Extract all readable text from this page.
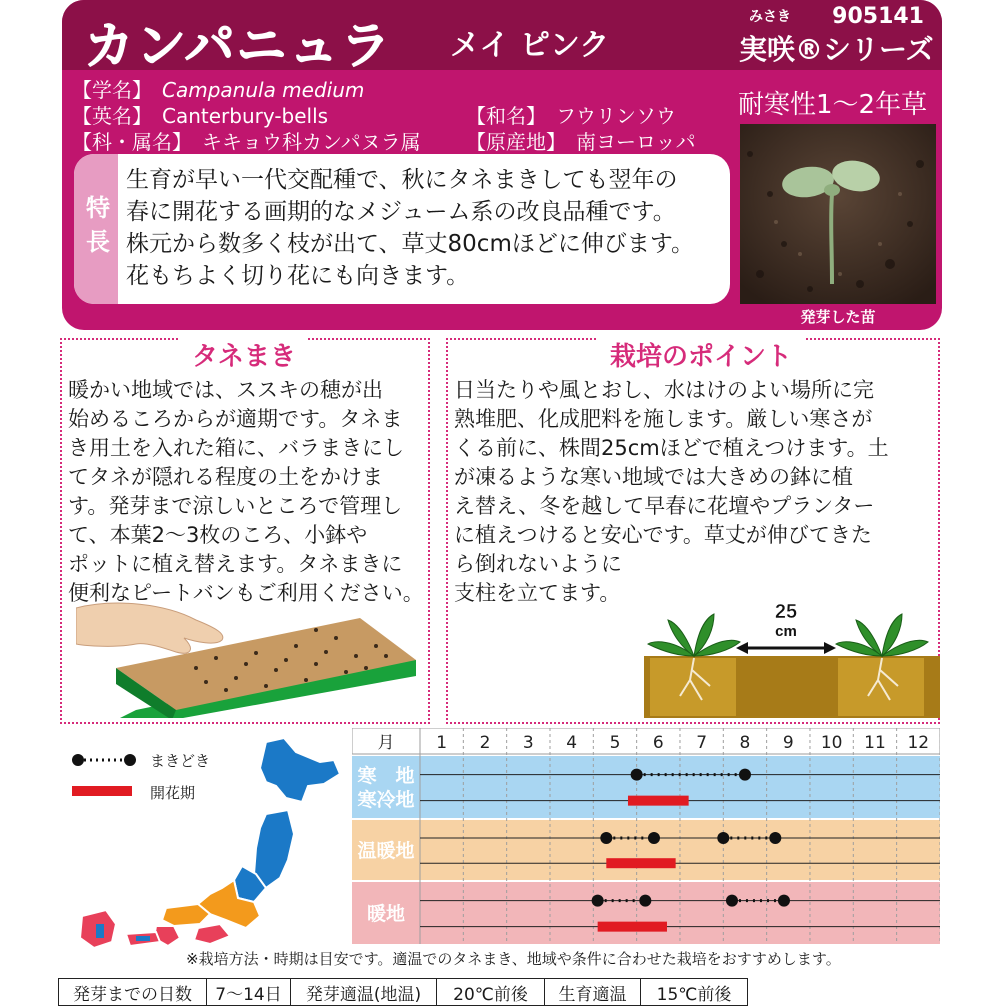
カンパニュラ メイ ピンク
みさき 905141
実咲®シリーズ
【学名】 Campanula medium
【英名】 Canterbury-bells
【科・属名】 キキョウ科カンパヌラ属
【和名】 フウリンソウ
【原産地】 南ヨーロッパ
耐寒性1～2年草
特長
生育が早い一代交配種で、秋にタネまきしても翌年の
春に開花する画期的なメジューム系の改良品種です。
株元から数多く枝が出て、草丈80cmほどに伸びます。
花もちよく切り花にも向きます。
発芽した苗
タネまき
暖かい地域では、ススキの穂が出
始めるころからが適期です。タネま
き用土を入れた箱に、バラまきにし
てタネが隠れる程度の土をかけま
す。発芽まで涼しいところで管理し
て、本葉2～3枚のころ、小鉢や
ポットに植え替えます。タネまきに
便利なピートバンもご利用ください。
栽培のポイント
日当たりや風とおし、水はけのよい場所に完
熟堆肥、化成肥料を施します。厳しい寒さが
くる前に、株間25cmほどで植えつけます。土
が凍るような寒い地域では大きめの鉢に植
え替え、冬を越して早春に花壇やプランター
に植えつけると安心です。草丈が伸びてきた
ら倒れないように
支柱を立てます。
25
cm
まきどき
開花期
月 1 2 3 4 5 6 7 8 9 10 11 12
寒　地
寒冷地
温暖地
暖地
※栽培方法・時期は目安です。適温でのタネまき、地域や条件に合わせた栽培をおすすめします。
発芽までの日数	7～14日	発芽適温(地温)	20℃前後	生育適温	15℃前後
